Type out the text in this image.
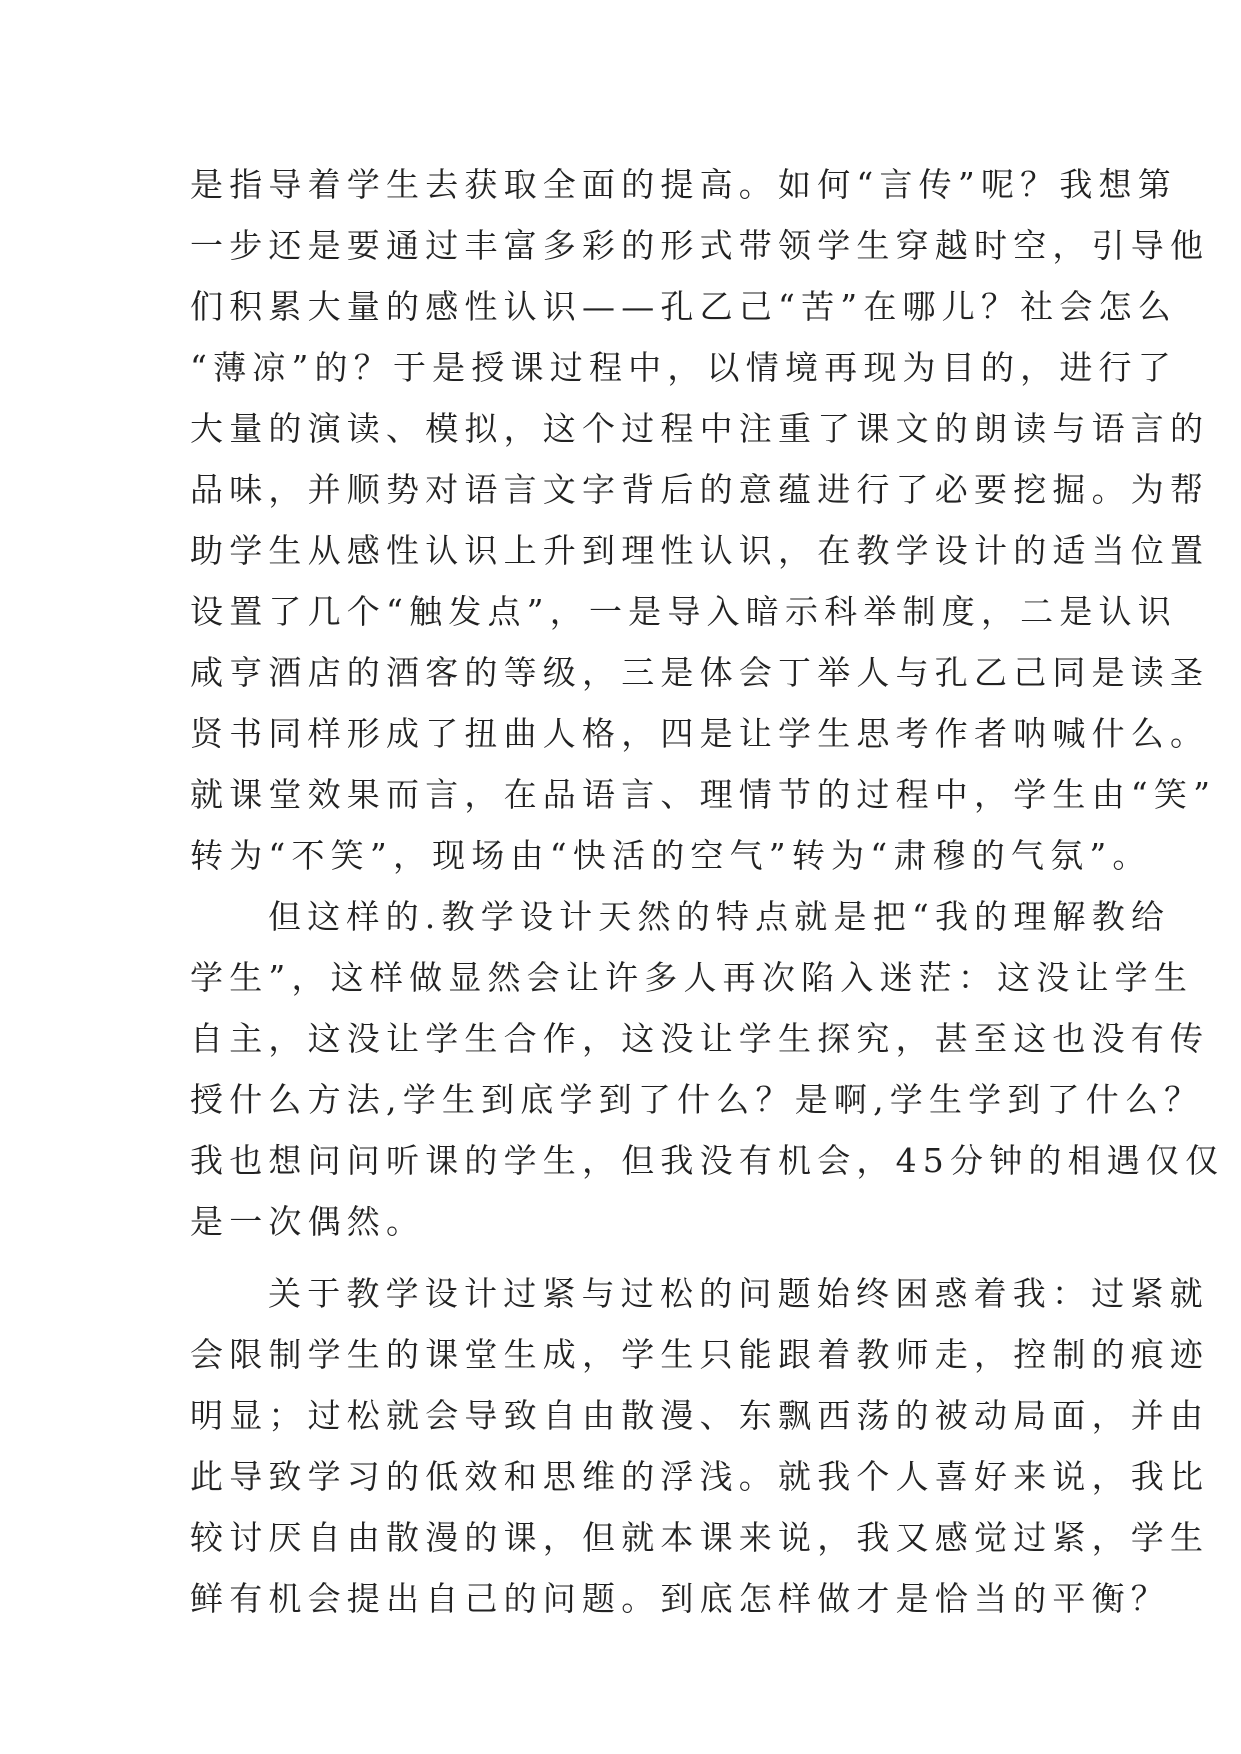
是指导着学生去获取全面的提高。如何“言传”呢？我想第
一步还是要通过丰富多彩的形式带领学生穿越时空，引导他
们积累大量的感性认识——孔乙己“苦”在哪儿？社会怎么
“薄凉”的？于是授课过程中，以情境再现为目的，进行了
大量的演读、模拟，这个过程中注重了课文的朗读与语言的
品味，并顺势对语言文字背后的意蕴进行了必要挖掘。为帮
助学生从感性认识上升到理性认识，在教学设计的适当位置
设置了几个“触发点”，一是导入暗示科举制度，二是认识
咸亨酒店的酒客的等级，三是体会丁举人与孔乙己同是读圣
贤书同样形成了扭曲人格，四是让学生思考作者呐喊什么。
就课堂效果而言，在品语言、理情节的过程中，学生由“笑”
转为“不笑”，现场由“快活的空气”转为“肃穆的气氛”。
但这样的.教学设计天然的特点就是把“我的理解教给
学生”，这样做显然会让许多人再次陷入迷茫：这没让学生
自主，这没让学生合作，这没让学生探究，甚至这也没有传
授什么方法,学生到底学到了什么？是啊,学生学到了什么？
我也想问问听课的学生，但我没有机会，45分钟的相遇仅仅
是一次偶然。
关于教学设计过紧与过松的问题始终困惑着我：过紧就
会限制学生的课堂生成，学生只能跟着教师走，控制的痕迹
明显；过松就会导致自由散漫、东飘西荡的被动局面，并由
此导致学习的低效和思维的浮浅。就我个人喜好来说，我比
较讨厌自由散漫的课，但就本课来说，我又感觉过紧，学生
鲜有机会提出自己的问题。到底怎样做才是恰当的平衡？
